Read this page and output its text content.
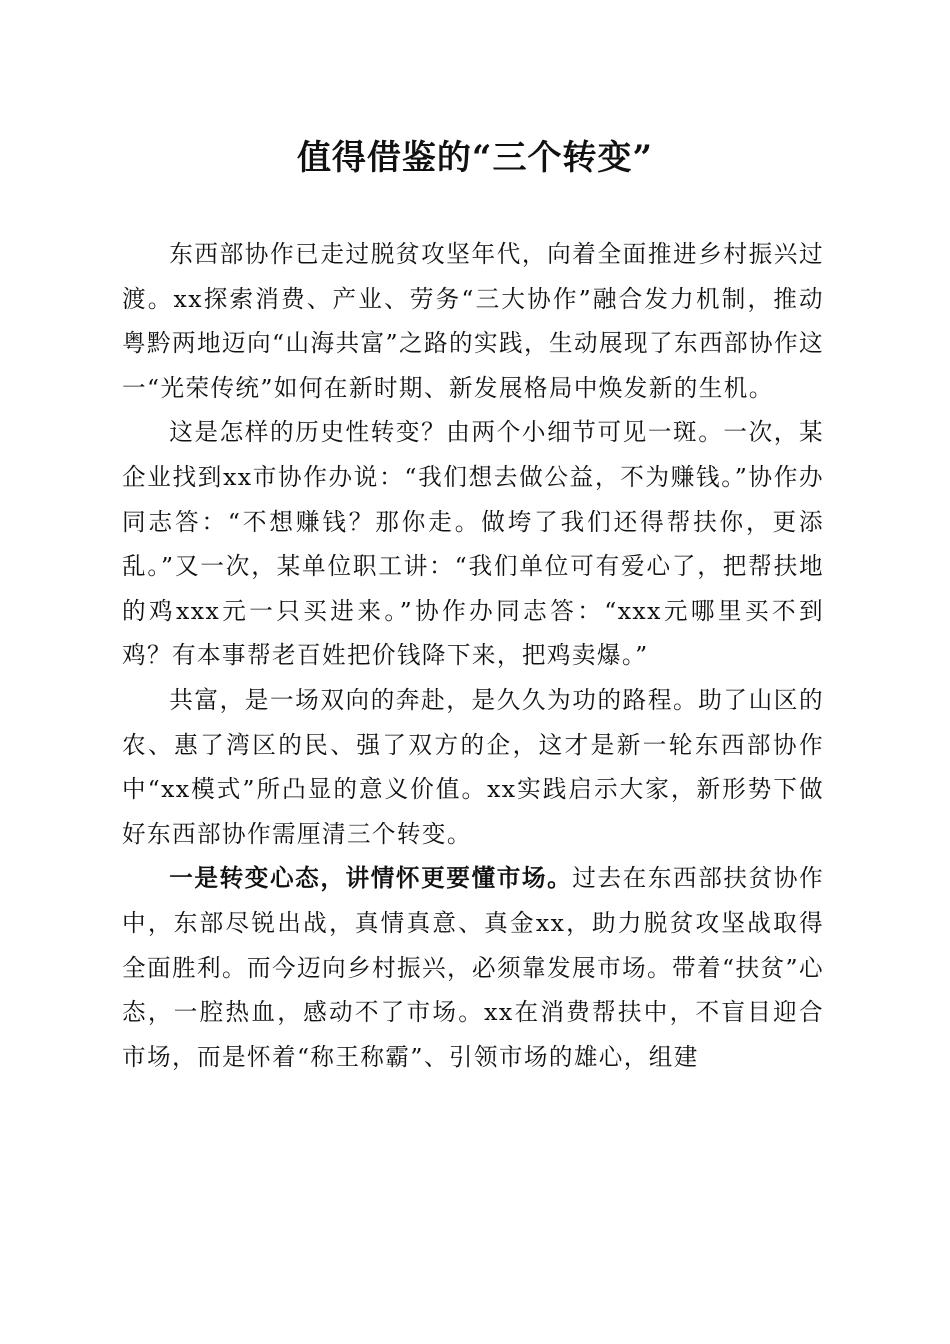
值得借鉴的“三个转变”

东西部协作已走过脱贫攻坚年代，向着全面推进乡村振兴过渡。xx探索消费、产业、劳务“三大协作”融合发力机制，推动粤黔两地迈向“山海共富”之路的实践，生动展现了东西部协作这一“光荣传统”如何在新时期、新发展格局中焕发新的生机。

这是怎样的历史性转变？由两个小细节可见一斑。一次，某企业找到xx市协作办说：“我们想去做公益，不为赚钱。”协作办同志答：“不想赚钱？那你走。做垮了我们还得帮扶你，更添乱。”又一次，某单位职工讲：“我们单位可有爱心了，把帮扶地的鸡xxx元一只买进来。”协作办同志答：“xxx元哪里买不到鸡？有本事帮老百姓把价钱降下来，把鸡卖爆。”

共富，是一场双向的奔赴，是久久为功的路程。助了山区的农、惠了湾区的民、强了双方的企，这才是新一轮东西部协作中“xx模式”所凸显的意义价值。xx实践启示大家，新形势下做好东西部协作需厘清三个转变。

一是转变心态，讲情怀更要懂市场。过去在东西部扶贫协作中，东部尽锐出战，真情真意、真金xx，助力脱贫攻坚战取得全面胜利。而今迈向乡村振兴，必须靠发展市场。带着“扶贫”心态，一腔热血，感动不了市场。xx在消费帮扶中，不盲目迎合市场，而是怀着“称王称霸”、引领市场的雄心，组建
